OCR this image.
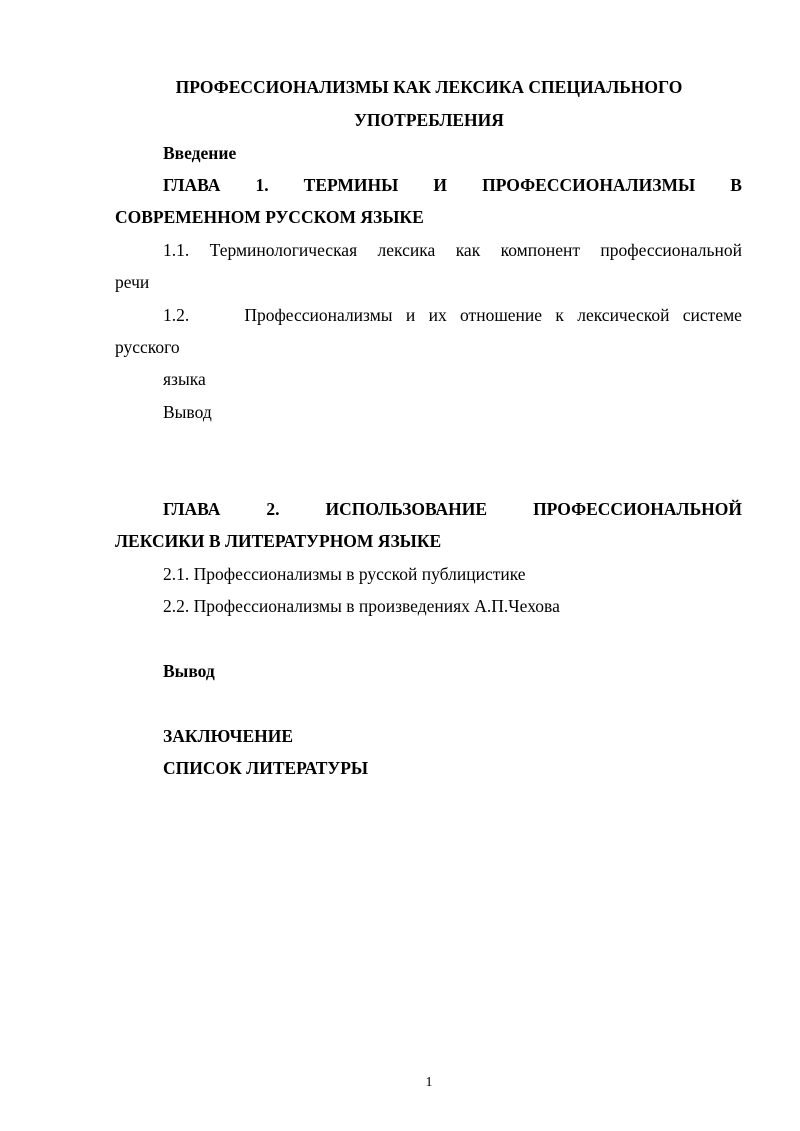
ПРОФЕССИОНАЛИЗМЫ КАК ЛЕКСИКА СПЕЦИАЛЬНОГО
УПОТРЕБЛЕНИЯ
Введение
ГЛАВА 1. ТЕРМИНЫ И ПРОФЕССИОНАЛИЗМЫ В
СОВРЕМЕННОМ РУССКОМ ЯЗЫКЕ
1.1. Терминологическая лексика как компонент профессиональной
речи
1.2.	Профессионализмы и их отношение к лексической системе
русского
языка
Вывод
ГЛАВА	2.	ИСПОЛЬЗОВАНИЕ	ПРОФЕССИОНАЛЬНОЙ
ЛЕКСИКИ В ЛИТЕРАТУРНОМ ЯЗЫКЕ
2.1. Профессионализмы в русской публицистике
2.2. Профессионализмы в произведениях А.П.Чехова
Вывод
ЗАКЛЮЧЕНИЕ
СПИСОК ЛИТЕРАТУРЫ
1
